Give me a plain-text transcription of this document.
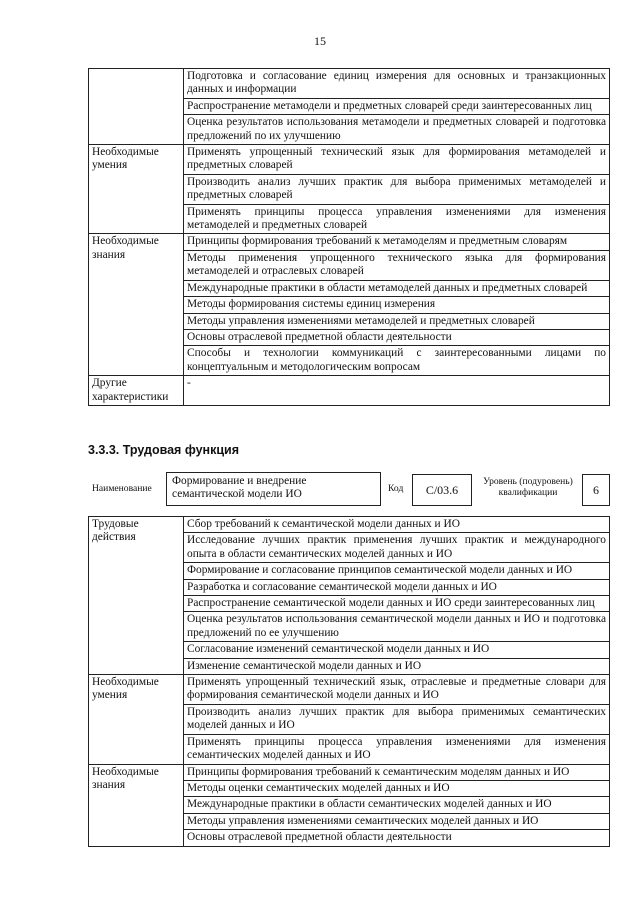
15
	Подготовка и согласование единиц измерения для основных и транзакционных данных и информации
	Распространение метамодели и предметных словарей среди заинтересованных лиц
	Оценка результатов использования метамодели и предметных словарей и подготовка предложений по их улучшению
Необходимые умения	Применять упрощенный технический язык для формирования метамоделей и предметных словарей
	Производить анализ лучших практик для выбора применимых метамоделей и предметных словарей
	Применять принципы процесса управления изменениями для изменения метамоделей и предметных словарей
Необходимые знания	Принципы формирования требований к метамоделям и предметным словарям
	Методы применения упрощенного технического языка для формирования метамоделей и отраслевых словарей
	Международные практики в области метамоделей данных и предметных словарей
	Методы формирования системы единиц измерения
	Методы управления изменениями метамоделей и предметных словарей
	Основы отраслевой предметной области деятельности
	Способы и технологии коммуникаций с заинтересованными лицами по концептуальным и методологическим вопросам
Другие характеристики	-
3.3.3. Трудовая функция
Наименование
Формирование и внедрение семантической модели ИО	Код	C/03.6
Уровень (подуровень) квалификации	6
Трудовые действия	Сбор требований к семантической модели данных и ИО
	Исследование лучших практик применения лучших практик и международного опыта в области семантических моделей данных и ИО
	Формирование и согласование принципов семантической модели данных и ИО
	Разработка и согласование семантической модели данных и ИО
	Распространение семантической модели данных и ИО среди заинтересованных лиц
	Оценка результатов использования семантической модели данных и ИО и подготовка предложений по ее улучшению
	Согласование изменений семантической модели данных и ИО
	Изменение семантической модели данных и ИО
Необходимые умения	Применять упрощенный технический язык, отраслевые и предметные словари для формирования семантической модели данных и ИО
	Производить анализ лучших практик для выбора применимых семантических моделей данных и ИО
	Применять принципы процесса управления изменениями для изменения семантических моделей данных и ИО
Необходимые знания	Принципы формирования требований к семантическим моделям данных и ИО
	Методы оценки семантических моделей данных и ИО
	Международные практики в области семантических моделей данных и ИО
	Методы управления изменениями семантических моделей данных и ИО
	Основы отраслевой предметной области деятельности
